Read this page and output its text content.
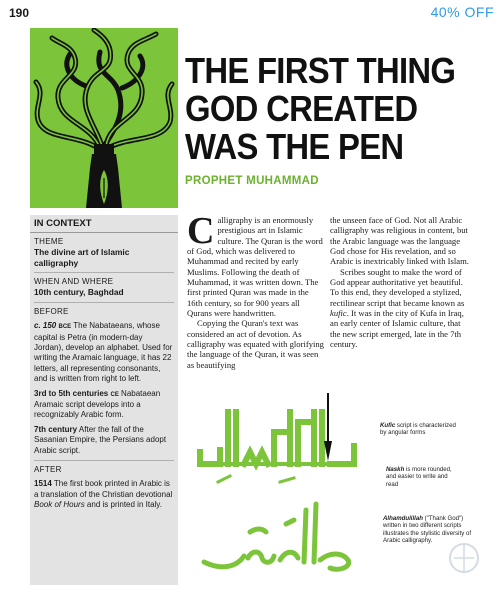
190	40% OFF
THE FIRST THING
GOD CREATED
WAS THE PEN
PROPHET MUHAMMAD
IN CONTEXT
THEME
The divine art of Islamic calligraphy
WHEN AND WHERE
10th century, Baghdad
BEFORE
c. 150 BCE The Nabataeans, whose capital is Petra (in modern-day Jordan), develop an alphabet. Used for writing the Aramaic language, it has 22 letters, all representing consonants, and is written from right to left.
3rd to 5th centuries CE Nabataean Aramaic script develops into a recognizably Arabic form.
7th century After the fall of the Sasanian Empire, the Persians adopt Arabic script.
AFTER
1514 The first book printed in Arabic is a translation of the Christian devotional Book of Hours and is printed in Italy.

Calligraphy is an enormously prestigious art in Islamic culture. The Quran is the word of God, which was delivered to Muhammad and recited by early Muslims. Following the death of Muhammad, it was written down. The first printed Quran was made in the 16th century, so for 900 years all Qurans were handwritten.

Copying the Quran's text was considered an act of devotion. As calligraphy was equated with glorifying the language of the Quran, it was seen as beautifying

the unseen face of God. Not all Arabic calligraphy was religious in content, but the Arabic language was the language God chose for His revelation, and so Arabic is inextricably linked with Islam.

Scribes sought to make the word of God appear authoritative yet beautiful. To this end, they developed a stylized, rectilinear script that became known as kufic. It was in the city of Kufa in Iraq, an early center of Islamic culture, that the new script emerged, late in the 7th century.

Kufic script is characterized by angular forms
Naskh is more rounded, and easier to write and read
Alhamdulillah ("Thank God") written in two different scripts illustrates the stylistic diversity of Arabic calligraphy.
